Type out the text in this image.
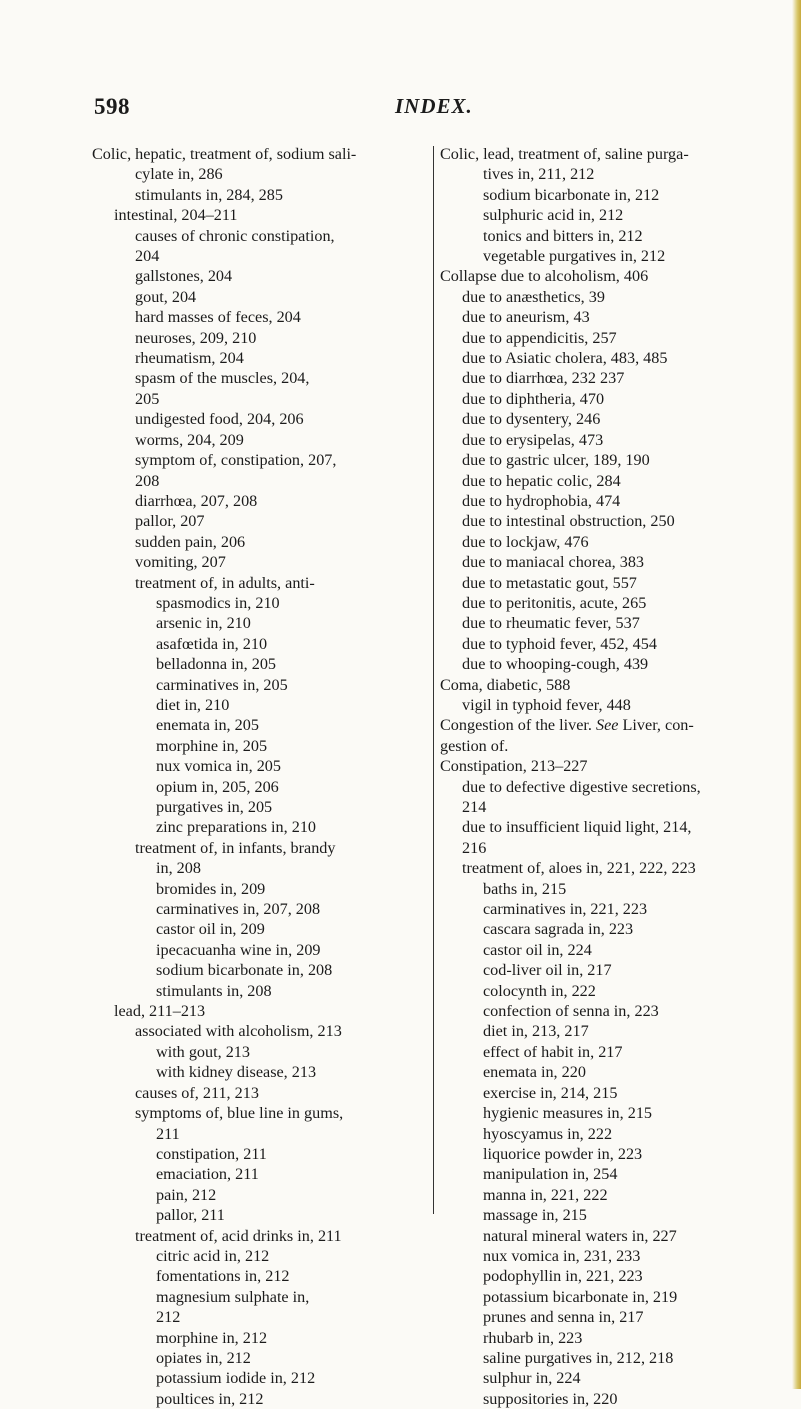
598	INDEX.
Colic, hepatic, treatment of, sodium sali-
cylate in, 286
stimulants in, 284, 285
intestinal, 204–211
causes of chronic constipation,
204
gallstones, 204
gout, 204
hard masses of feces, 204
neuroses, 209, 210
rheumatism, 204
spasm of the muscles, 204,
205
undigested food, 204, 206
worms, 204, 209
symptom of, constipation, 207,
208
diarrhœa, 207, 208
pallor, 207
sudden pain, 206
vomiting, 207
treatment of, in adults, anti-
spasmodics in, 210
arsenic in, 210
asafœtida in, 210
belladonna in, 205
carminatives in, 205
diet in, 210
enemata in, 205
morphine in, 205
nux vomica in, 205
opium in, 205, 206
purgatives in, 205
zinc preparations in, 210
treatment of, in infants, brandy
in, 208
bromides in, 209
carminatives in, 207, 208
castor oil in, 209
ipecacuanha wine in, 209
sodium bicarbonate in, 208
stimulants in, 208
lead, 211–213
associated with alcoholism, 213
with gout, 213
with kidney disease, 213
causes of, 211, 213
symptoms of, blue line in gums,
211
constipation, 211
emaciation, 211
pain, 212
pallor, 211
treatment of, acid drinks in, 211
citric acid in, 212
fomentations in, 212
magnesium sulphate in,
212
morphine in, 212
opiates in, 212
potassium iodide in, 212
poultices in, 212
Colic, lead, treatment of, saline purga-
tives in, 211, 212
sodium bicarbonate in, 212
sulphuric acid in, 212
tonics and bitters in, 212
vegetable purgatives in, 212
Collapse due to alcoholism, 406
due to anæsthetics, 39
due to aneurism, 43
due to appendicitis, 257
due to Asiatic cholera, 483, 485
due to diarrhœa, 232 237
due to diphtheria, 470
due to dysentery, 246
due to erysipelas, 473
due to gastric ulcer, 189, 190
due to hepatic colic, 284
due to hydrophobia, 474
due to intestinal obstruction, 250
due to lockjaw, 476
due to maniacal chorea, 383
due to metastatic gout, 557
due to peritonitis, acute, 265
due to rheumatic fever, 537
due to typhoid fever, 452, 454
due to whooping-cough, 439
Coma, diabetic, 588
vigil in typhoid fever, 448
Congestion of the liver. See Liver, con-
gestion of.
Constipation, 213–227
due to defective digestive secretions,
214
due to insufficient liquid light, 214,
216
treatment of, aloes in, 221, 222, 223
baths in, 215
carminatives in, 221, 223
cascara sagrada in, 223
castor oil in, 224
cod-liver oil in, 217
colocynth in, 222
confection of senna in, 223
diet in, 213, 217
effect of habit in, 217
enemata in, 220
exercise in, 214, 215
hygienic measures in, 215
hyoscyamus in, 222
liquorice powder in, 223
manipulation in, 254
manna in, 221, 222
massage in, 215
natural mineral waters in, 227
nux vomica in, 231, 233
podophyllin in, 221, 223
potassium bicarbonate in, 219
prunes and senna in, 217
rhubarb in, 223
saline purgatives in, 212, 218
sulphur in, 224
suppositories in, 220
